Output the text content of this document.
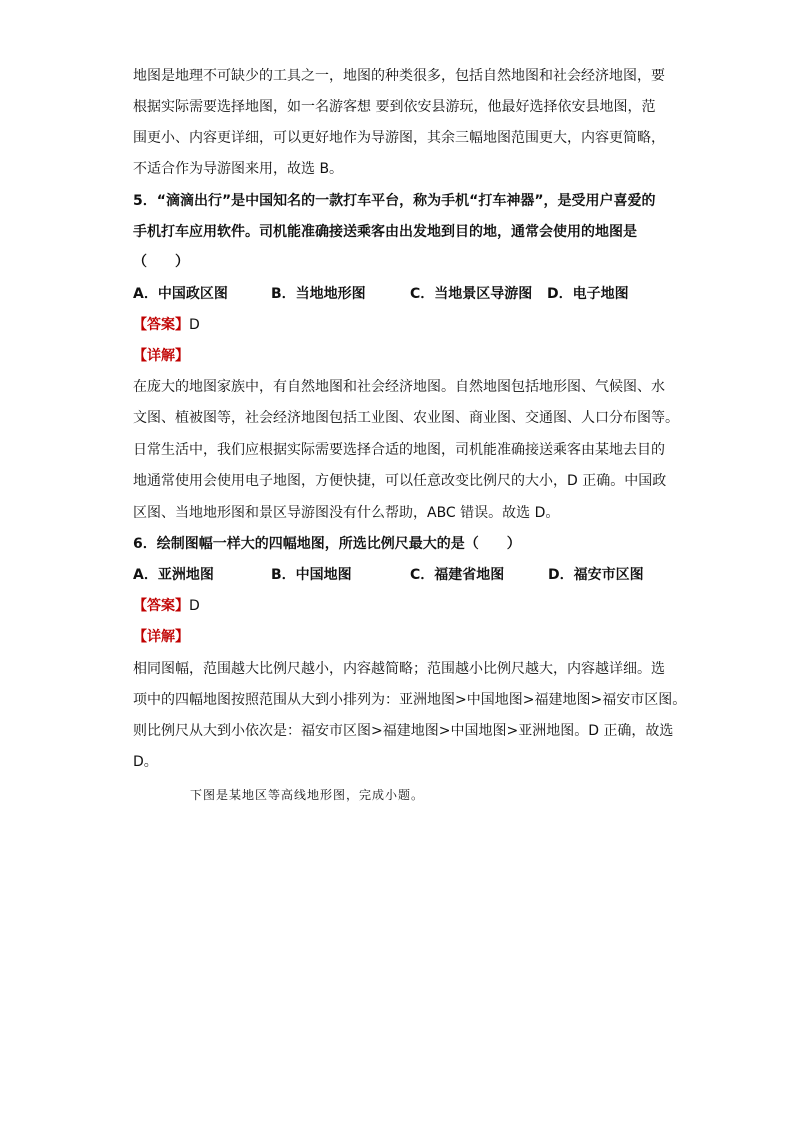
地图是地理不可缺少的工具之一，地图的种类很多，包括自然地图和社会经济地图，要
根据实际需要选择地图，如一名游客想 要到依安县游玩，他最好选择依安县地图，范
围更小、内容更详细，可以更好地作为导游图，其余三幅地图范围更大，内容更简略，
不适合作为导游图来用，故选 B。
5．“滴滴出行”是中国知名的一款打车平台，称为手机“打车神器”，是受用户喜爱的
手机打车应用软件。司机能准确接送乘客由出发地到目的地，通常会使用的地图是
（　　）
A．中国政区图	B．当地地形图	C．当地景区导游图 D．电子地图
【答案】D
【详解】
在庞大的地图家族中，有自然地图和社会经济地图。自然地图包括地形图、气候图、水
文图、植被图等，社会经济地图包括工业图、农业图、商业图、交通图、人口分布图等。
日常生活中，我们应根据实际需要选择合适的地图，司机能准确接送乘客由某地去目的
地通常使用会使用电子地图，方便快捷，可以任意改变比例尺的大小，D 正确。中国政
区图、当地地形图和景区导游图没有什么帮助，ABC 错误。故选 D。
6．绘制图幅一样大的四幅地图，所选比例尺最大的是（　　）
A．亚洲地图	B．中国地图	C．福建省地图	D．福安市区图
【答案】D
【详解】
相同图幅，范围越大比例尺越小，内容越简略；范围越小比例尺越大，内容越详细。选
项中的四幅地图按照范围从大到小排列为：亚洲地图>中国地图>福建地图>福安市区图。
则比例尺从大到小依次是：福安市区图>福建地图>中国地图>亚洲地图。D 正确，故选
D。
下图是某地区等高线地形图，完成小题。
